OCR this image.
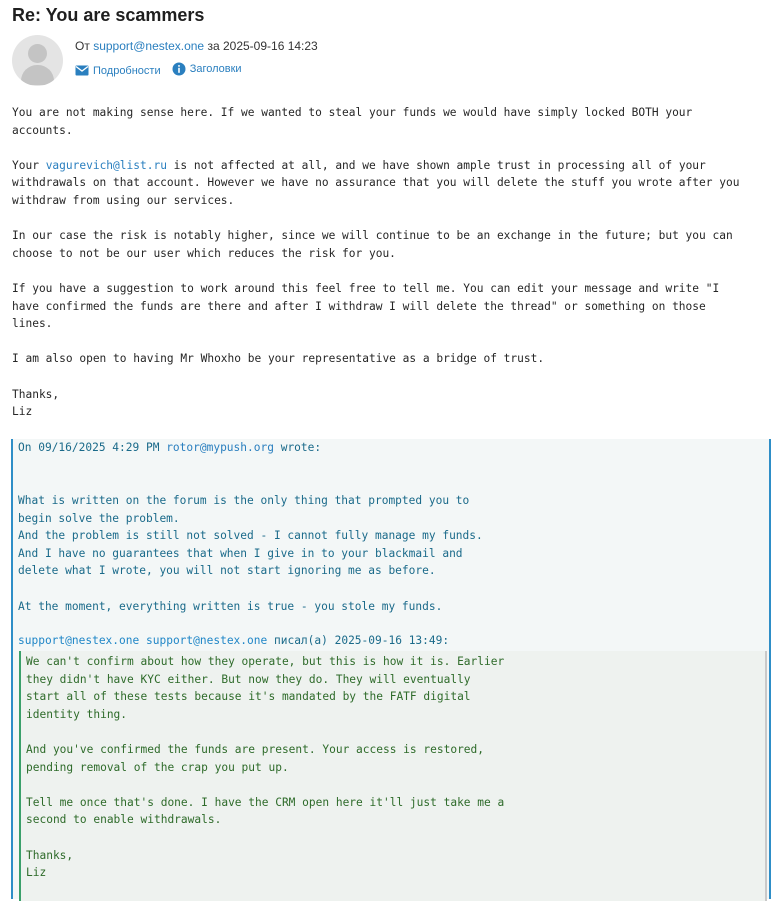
Re: You are scammers
От support@nestex.one за 2025-09-16 14:23
Подробности
	Заголовки

You are not making sense here. If we wanted to steal your funds we would have simply locked BOTH your
accounts.

Your vagurevich@list.ru is not affected at all, and we have shown ample trust in processing all of your
withdrawals on that account. However we have no assurance that you will delete the stuff you wrote after you
withdraw from using our services.

In our case the risk is notably higher, since we will continue to be an exchange in the future; but you can
choose to not be our user which reduces the risk for you.

If you have a suggestion to work around this feel free to tell me. You can edit your message and write "I
have confirmed the funds are there and after I withdraw I will delete the thread" or something on those
lines.

I am also open to having Mr Whoxho be your representative as a bridge of trust.

Thanks,
Liz

On 09/16/2025 4:29 PM rotor@mypush.org wrote:

What is written on the forum is the only thing that prompted you to
begin solve the problem.
And the problem is still not solved - I cannot fully manage my funds.
And I have no guarantees that when I give in to your blackmail and
delete what I wrote, you will not start ignoring me as before.

At the moment, everything written is true - you stole my funds.

support@nestex.one support@nestex.one писал(а) 2025-09-16 13:49:

We can't confirm about how they operate, but this is how it is. Earlier
they didn't have KYC either. But now they do. They will eventually
start all of these tests because it's mandated by the FATF digital
identity thing.

And you've confirmed the funds are present. Your access is restored,
pending removal of the crap you put up.

Tell me once that's done. I have the CRM open here it'll just take me a
second to enable withdrawals.

Thanks,
Liz
